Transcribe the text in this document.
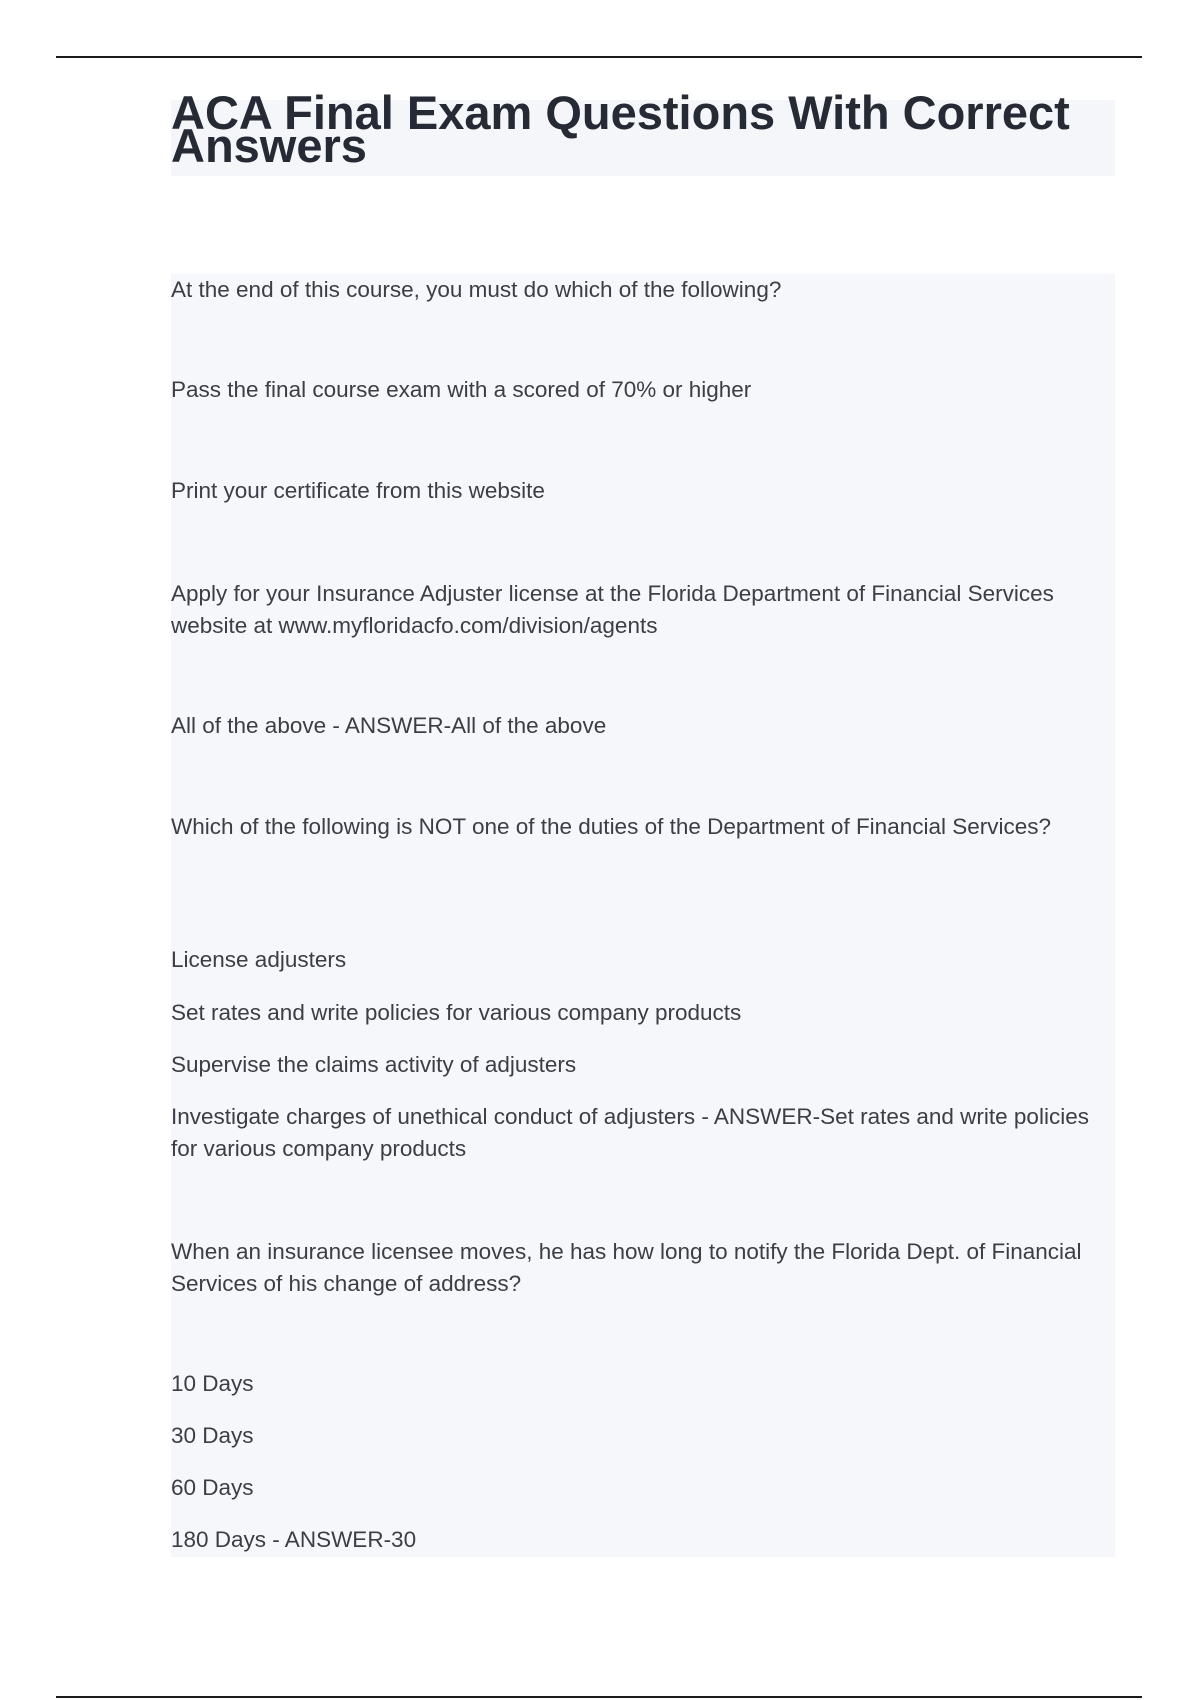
ACA Final Exam Questions With Correct Answers

At the end of this course, you must do which of the following?

Pass the final course exam with a scored of 70% or higher

Print your certificate from this website

Apply for your Insurance Adjuster license at the Florida Department of Financial Services website at www.myfloridacfo.com/division/agents

All of the above - ANSWER-All of the above

Which of the following is NOT one of the duties of the Department of Financial Services?

License adjusters

Set rates and write policies for various company products

Supervise the claims activity of adjusters

Investigate charges of unethical conduct of adjusters - ANSWER-Set rates and write policies for various company products

When an insurance licensee moves, he has how long to notify the Florida Dept. of Financial Services of his change of address?

10 Days

30 Days

60 Days

180 Days - ANSWER-30
